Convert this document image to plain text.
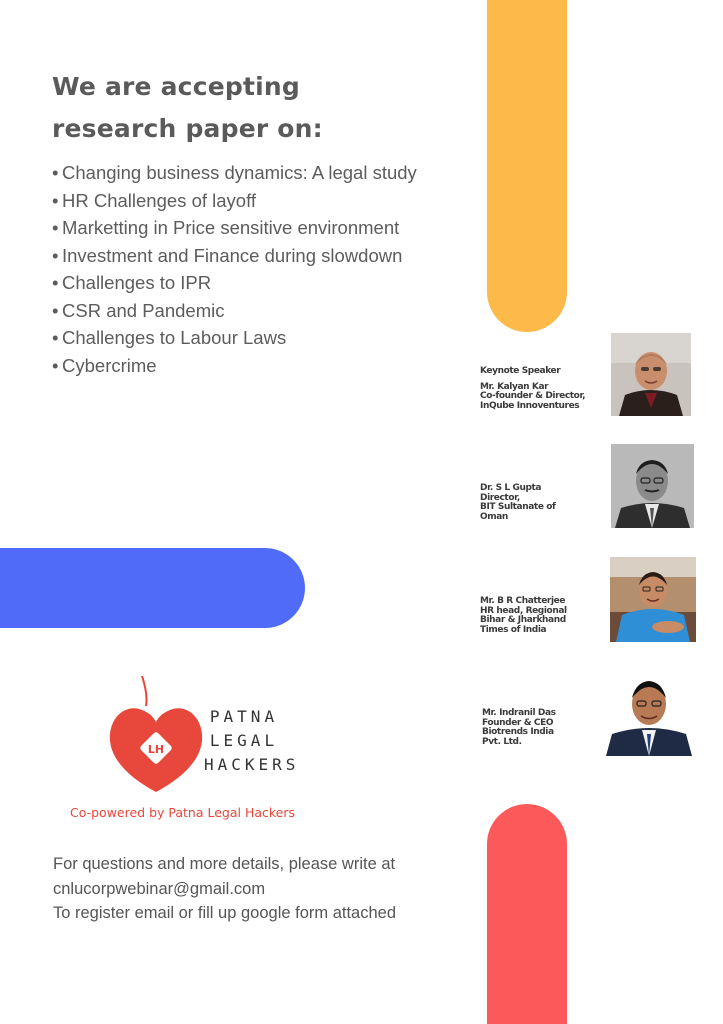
We are accepting research paper on:
• Changing business dynamics: A legal study
• HR Challenges of layoff
• Marketting in Price sensitive environment
• Investment and Finance during slowdown
• Challenges to IPR
• CSR and Pandemic
• Challenges to Labour Laws
• Cybercrime	Keynote Speaker
Mr. Kalyan Kar
Co-founder & Director,
InQube Innoventures
Dr. S L Gupta
Director,
BIT Sultanate of
Oman
Mr. B R Chatterjee
HR head, Regional
Bihar & Jharkhand
Times of India
Mr. Indranil Das
Founder & CEO
Biotrends India
Pvt. Ltd.
LH
PATNA
LEGAL
HACKERS
Co-powered by Patna Legal Hackers
For questions and more details, please write at
cnlucorpwebinar@gmail.com
To register email or fill up google form attached
